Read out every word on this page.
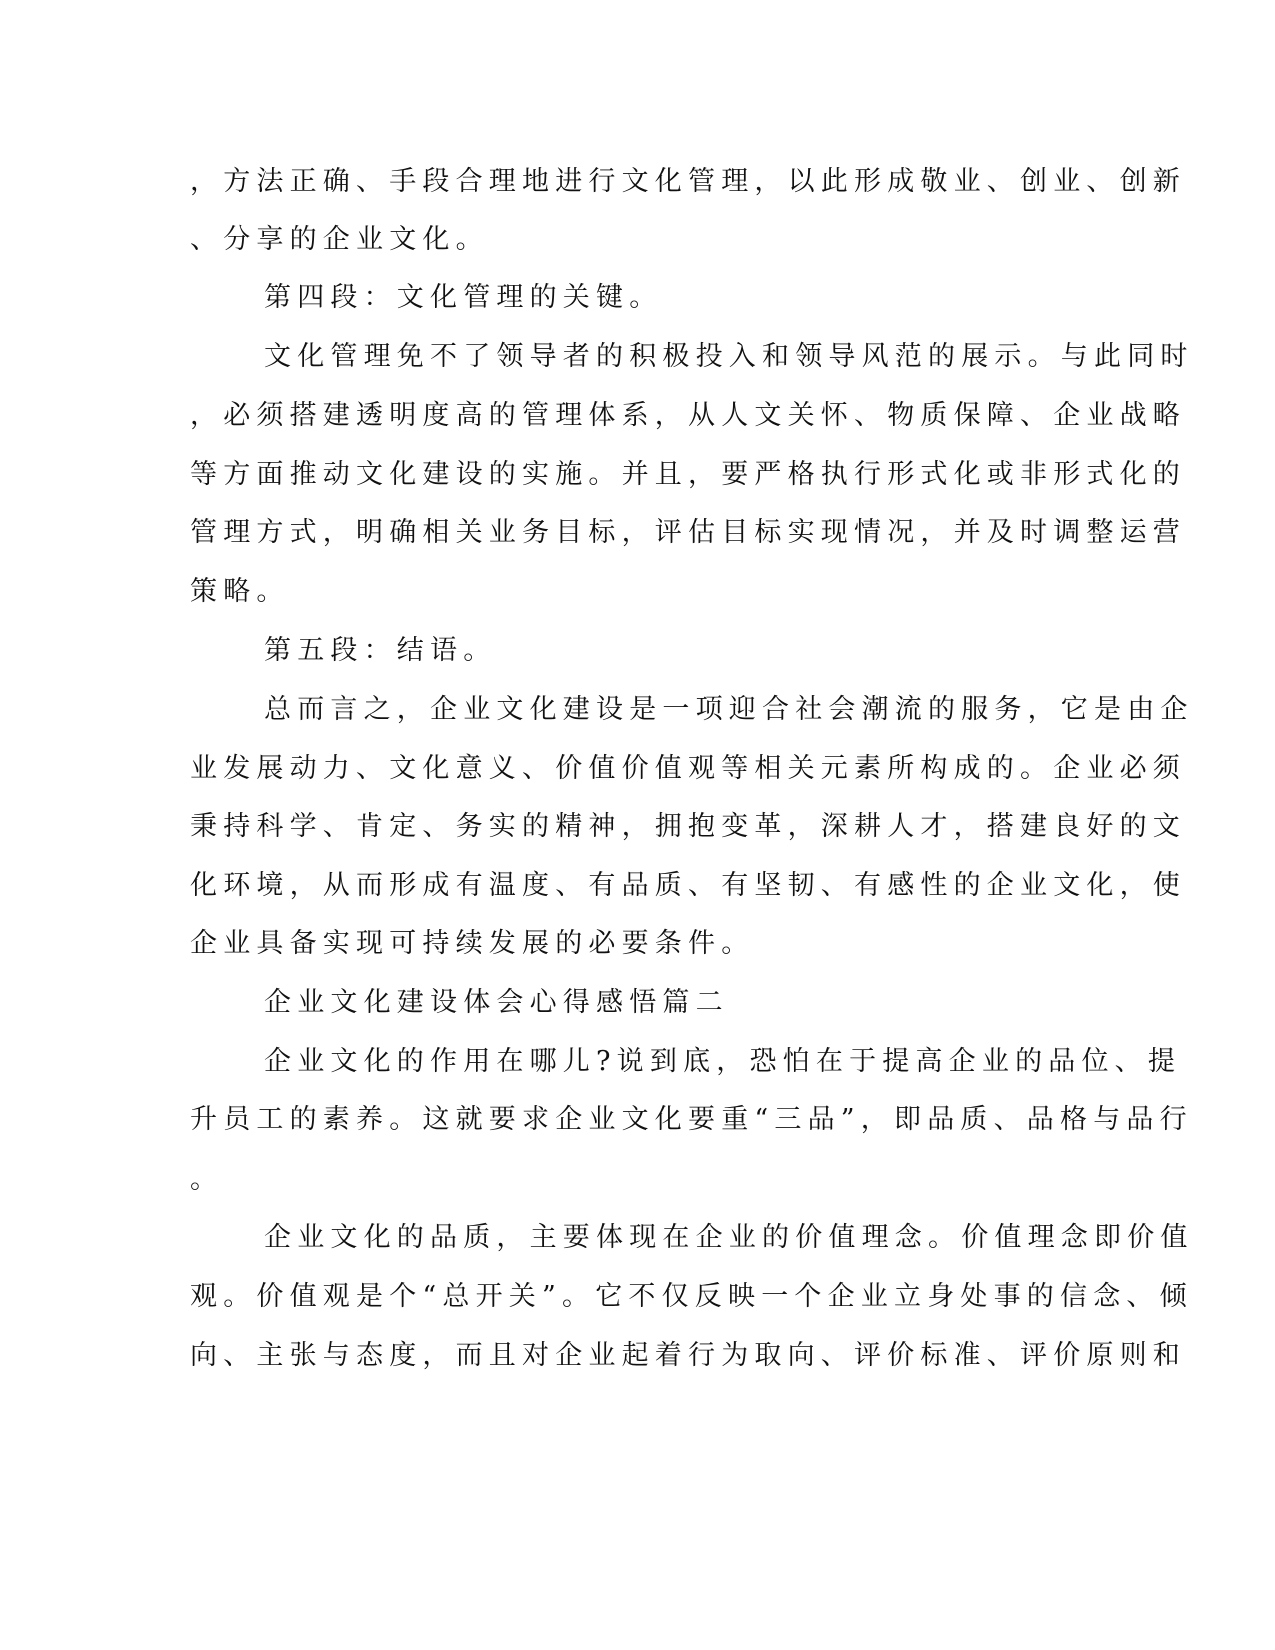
，方法正确、手段合理地进行文化管理，以此形成敬业、创业、创新
、分享的企业文化。
第四段：文化管理的关键。
文化管理免不了领导者的积极投入和领导风范的展示。与此同时
，必须搭建透明度高的管理体系，从人文关怀、物质保障、企业战略
等方面推动文化建设的实施。并且，要严格执行形式化或非形式化的
管理方式，明确相关业务目标，评估目标实现情况，并及时调整运营
策略。
第五段：结语。
总而言之，企业文化建设是一项迎合社会潮流的服务，它是由企
业发展动力、文化意义、价值价值观等相关元素所构成的。企业必须
秉持科学、肯定、务实的精神，拥抱变革，深耕人才，搭建良好的文
化环境，从而形成有温度、有品质、有坚韧、有感性的企业文化，使
企业具备实现可持续发展的必要条件。
企业文化建设体会心得感悟篇二
企业文化的作用在哪儿?说到底，恐怕在于提高企业的品位、提
升员工的素养。这就要求企业文化要重“三品”，即品质、品格与品行
。
企业文化的品质，主要体现在企业的价值理念。价值理念即价值
观。价值观是个“总开关”。它不仅反映一个企业立身处事的信念、倾
向、主张与态度，而且对企业起着行为取向、评价标准、评价原则和
